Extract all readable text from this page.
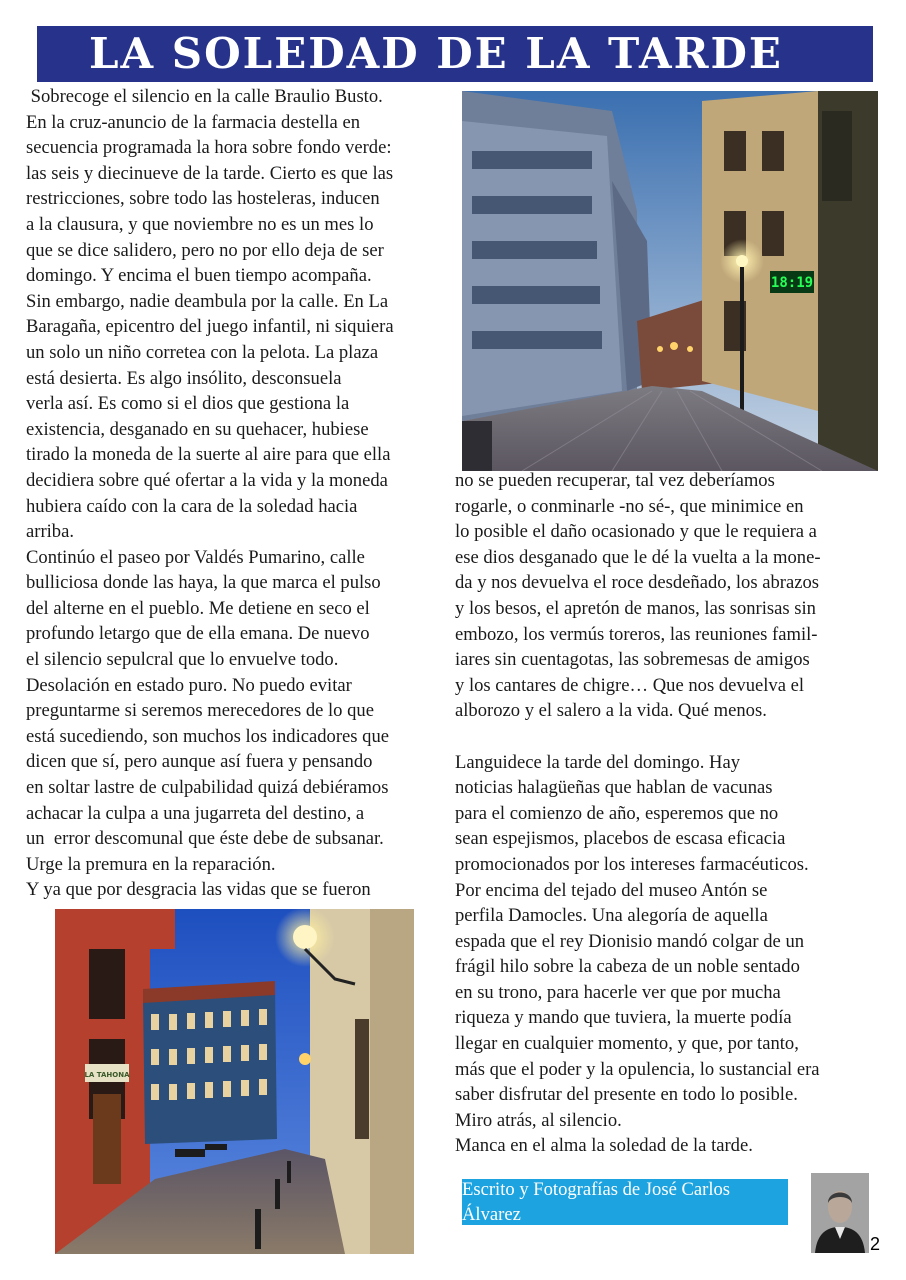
LA SOLEDAD DE LA TARDE

Sobrecoge el silencio en la calle Braulio Busto.

En la cruz-anuncio de la farmacia destella en

secuencia programada la hora sobre fondo verde:

las seis y diecinueve de la tarde. Cierto es que las

restricciones, sobre todo las hosteleras, inducen

a la clausura, y que noviembre no es un mes lo

que se dice salidero, pero no por ello deja de ser

domingo. Y encima el buen tiempo acompaña.

Sin embargo, nadie deambula por la calle. En La

Baragaña, epicentro del juego infantil, ni siquiera

un solo un niño corretea con la pelota. La plaza

está desierta. Es algo insólito, desconsuela

verla así. Es como si el dios que gestiona la

existencia, desganado en su quehacer, hubiese

tirado la moneda de la suerte al aire para que ella

decidiera sobre qué ofertar a la vida y la moneda

hubiera caído con la cara de la soledad hacia

arriba.

Continúo el paseo por Valdés Pumarino, calle

bulliciosa donde las haya, la que marca el pulso

del alterne en el pueblo. Me detiene en seco el

profundo letargo que de ella emana. De nuevo

el silencio sepulcral que lo envuelve todo.

Desolación en estado puro. No puedo evitar

preguntarme si seremos merecedores de lo que

está sucediendo, son muchos los indicadores que

dicen que sí, pero aunque así fuera y pensando

en soltar lastre de culpabilidad quizá debiéramos

achacar la culpa a una jugarreta del destino, a

un  error descomunal que éste debe de subsanar.

Urge la premura en la reparación.

Y ya que por desgracia las vidas que se fueron

18:19

no se pueden recuperar, tal vez deberíamos

rogarle, o conminarle -no sé-, que minimice en

lo posible el daño ocasionado y que le requiera a

ese dios desganado que le dé la vuelta a la mone-

da y nos devuelva el roce desdeñado, los abrazos

y los besos, el apretón de manos, las sonrisas sin

embozo, los vermús toreros, las reuniones famil-

iares sin cuentagotas, las sobremesas de amigos

y los cantares de chigre… Que nos devuelva el

alborozo y el salero a la vida. Qué menos.

Languidece la tarde del domingo. Hay

noticias halagüeñas que hablan de vacunas

para el comienzo de año, esperemos que no

sean espejismos, placebos de escasa eficacia

promocionados por los intereses farmacéuticos.

Por encima del tejado del museo Antón se

perfila Damocles. Una alegoría de aquella

espada que el rey Dionisio mandó colgar de un

frágil hilo sobre la cabeza de un noble sentado

en su trono, para hacerle ver que por mucha

riqueza y mando que tuviera, la muerte podía

llegar en cualquier momento, y que, por tanto,

más que el poder y la opulencia, lo sustancial era

saber disfrutar del presente en todo lo posible.

Miro atrás, al silencio.

Manca en el alma la soledad de la tarde.

LA TAHONA
Escrito y Fotografías de José Carlos
Álvarez
2
